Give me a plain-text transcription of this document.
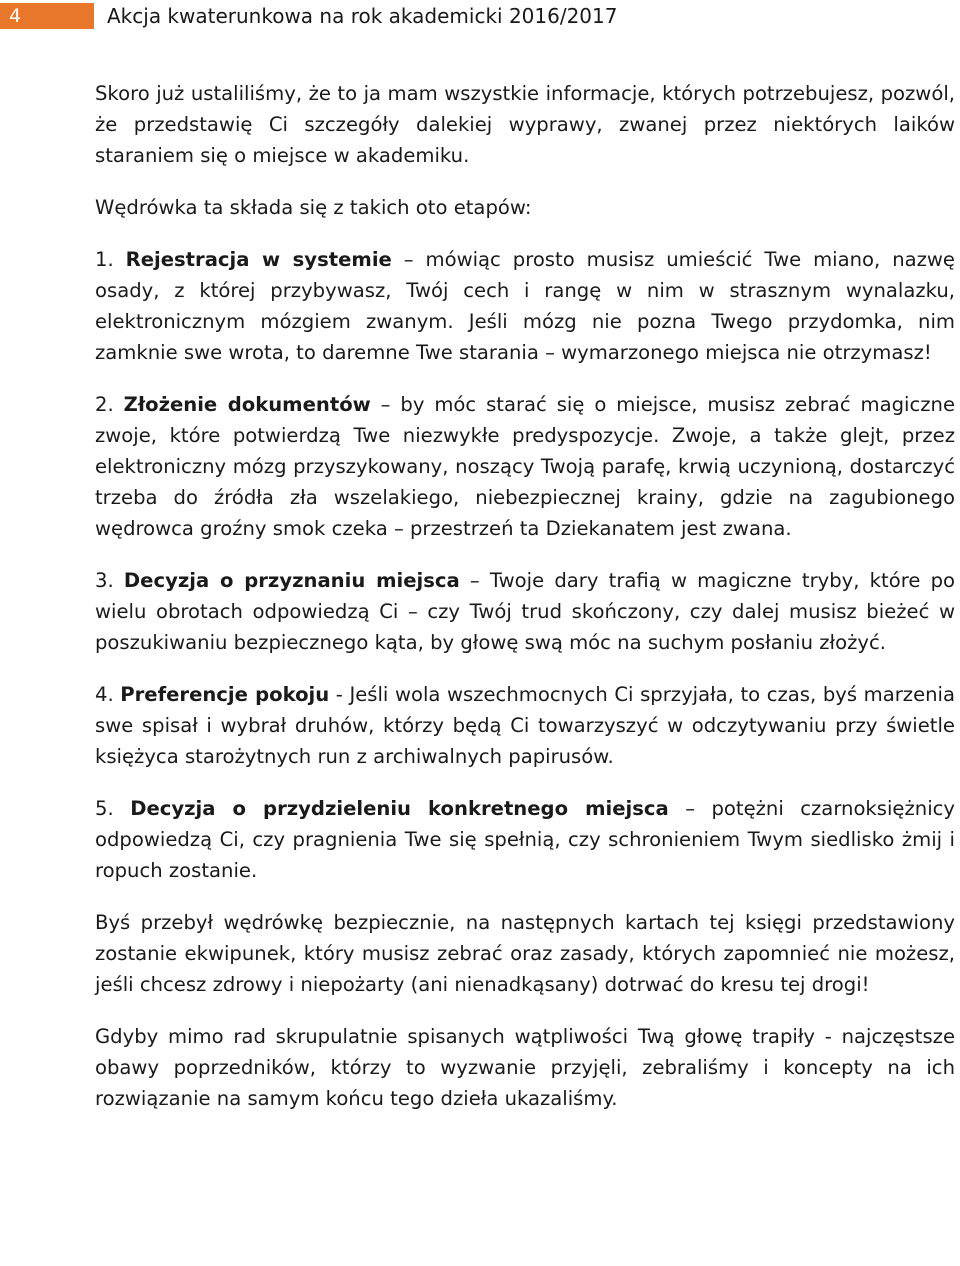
4	Akcja kwaterunkowa na rok akademicki 2016/2017

Skoro już ustaliliśmy, że to ja mam wszystkie informacje, których potrzebujesz, pozwól, że przedstawię Ci szczegóły dalekiej wyprawy, zwanej przez niektórych laików staraniem się o miejsce w akademiku.

Wędrówka ta składa się z takich oto etapów:

1. Rejestracja w systemie – mówiąc prosto musisz umieścić Twe miano, nazwę osady, z której przybywasz, Twój cech i rangę w nim w strasznym wynalazku, elektronicznym mózgiem zwanym. Jeśli mózg nie pozna Twego przydomka, nim zamknie swe wrota, to daremne Twe starania – wymarzonego miejsca nie otrzymasz!

2. Złożenie dokumentów – by móc starać się o miejsce, musisz zebrać magiczne zwoje, które potwierdzą Twe niezwykłe predyspozycje. Zwoje, a także glejt, przez elektroniczny mózg przyszykowany, noszący Twoją parafę, krwią uczynioną, dostarczyć trzeba do źródła zła wszelakiego, niebezpiecznej krainy, gdzie na zagubionego wędrowca groźny smok czeka – przestrzeń ta Dziekanatem jest zwana.

3. Decyzja o przyznaniu miejsca – Twoje dary trafią w magiczne tryby, które po wielu obrotach odpowiedzą Ci – czy Twój trud skończony, czy dalej musisz bieżeć w poszukiwaniu bezpiecznego kąta, by głowę swą móc na suchym posłaniu złożyć.

4. Preferencje pokoju - Jeśli wola wszechmocnych Ci sprzyjała, to czas, byś marzenia swe spisał i wybrał druhów, którzy będą Ci towarzyszyć w odczytywaniu przy świetle księżyca starożytnych run z archiwalnych papirusów.

5. Decyzja o przydzieleniu konkretnego miejsca – potężni czarnoksiężnicy odpowiedzą Ci, czy pragnienia Twe się spełnią, czy schronieniem Twym siedlisko żmij i ropuch zostanie.

Byś przebył wędrówkę bezpiecznie, na następnych kartach tej księgi przedstawiony zostanie ekwipunek, który musisz zebrać oraz zasady, których zapomnieć nie możesz, jeśli chcesz zdrowy i niepożarty (ani nienadkąsany) dotrwać do kresu tej drogi!

Gdyby mimo rad skrupulatnie spisanych wątpliwości Twą głowę trapiły - najczęstsze obawy poprzedników, którzy to wyzwanie przyjęli, zebraliśmy i koncepty na ich rozwiązanie na samym końcu tego dzieła ukazaliśmy.
